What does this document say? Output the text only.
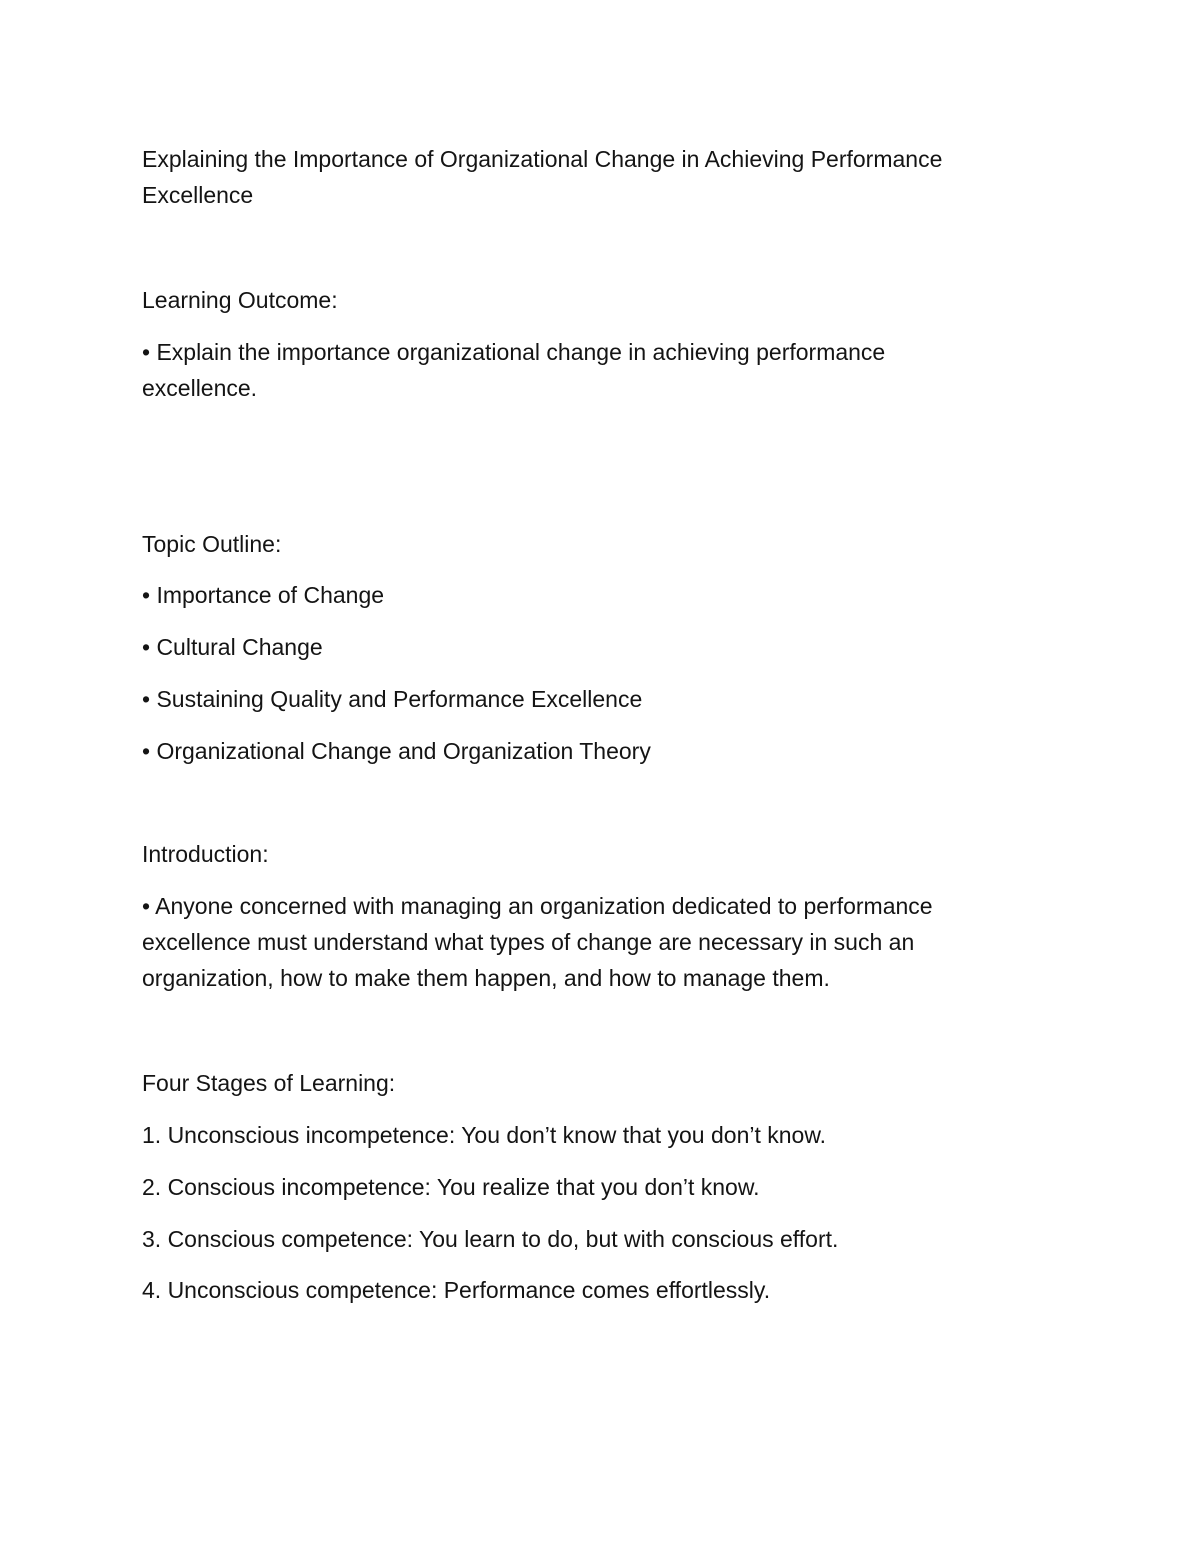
Explaining the Importance of Organizational Change in Achieving Performance

Excellence

Learning Outcome:

• Explain the importance organizational change in achieving performance

excellence.

Topic Outline:

• Importance of Change

• Cultural Change

• Sustaining Quality and Performance Excellence

• Organizational Change and Organization Theory

Introduction:

• Anyone concerned with managing an organization dedicated to performance

excellence must understand what types of change are necessary in such an

organization, how to make them happen, and how to manage them.

Four Stages of Learning:

1. Unconscious incompetence: You don’t know that you don’t know.

2. Conscious incompetence: You realize that you don’t know.

3. Conscious competence: You learn to do, but with conscious effort.

4. Unconscious competence: Performance comes effortlessly.
